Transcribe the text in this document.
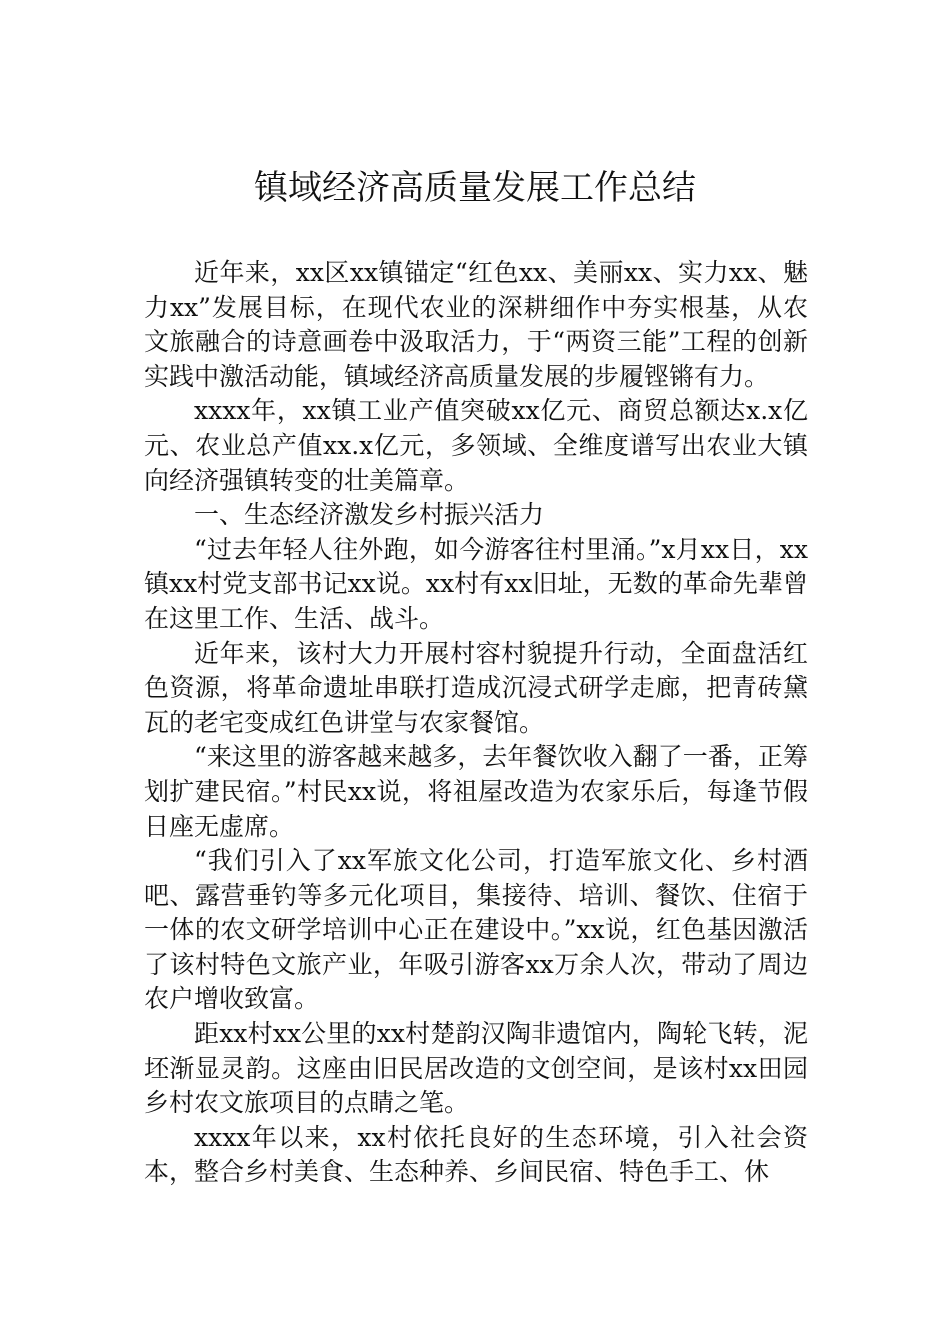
镇域经济高质量发展工作总结

近年来，xx区xx镇锚定“红色xx、美丽xx、实力xx、魅力xx”发展目标，在现代农业的深耕细作中夯实根基，从农文旅融合的诗意画卷中汲取活力，于“两资三能”工程的创新实践中激活动能，镇域经济高质量发展的步履铿锵有力。

xxxx年，xx镇工业产值突破xx亿元、商贸总额达x.x亿元、农业总产值xx.x亿元，多领域、全维度谱写出农业大镇向经济强镇转变的壮美篇章。

一、生态经济激发乡村振兴活力

“过去年轻人往外跑，如今游客往村里涌。”x月xx日，xx镇xx村党支部书记xx说。xx村有xx旧址，无数的革命先辈曾在这里工作、生活、战斗。

近年来，该村大力开展村容村貌提升行动，全面盘活红色资源，将革命遗址串联打造成沉浸式研学走廊，把青砖黛瓦的老宅变成红色讲堂与农家餐馆。

“来这里的游客越来越多，去年餐饮收入翻了一番，正筹划扩建民宿。”村民xx说，将祖屋改造为农家乐后，每逢节假日座无虚席。

“我们引入了xx军旅文化公司，打造军旅文化、乡村酒吧、露营垂钓等多元化项目，集接待、培训、餐饮、住宿于一体的农文研学培训中心正在建设中。”xx说，红色基因激活了该村特色文旅产业，年吸引游客xx万余人次，带动了周边农户增收致富。

距xx村xx公里的xx村楚韵汉陶非遗馆内，陶轮飞转，泥坯渐显灵韵。这座由旧民居改造的文创空间，是该村xx田园乡村农文旅项目的点睛之笔。

xxxx年以来，xx村依托良好的生态环境，引入社会资本，整合乡村美食、生态种养、乡间民宿、特色手工、休
